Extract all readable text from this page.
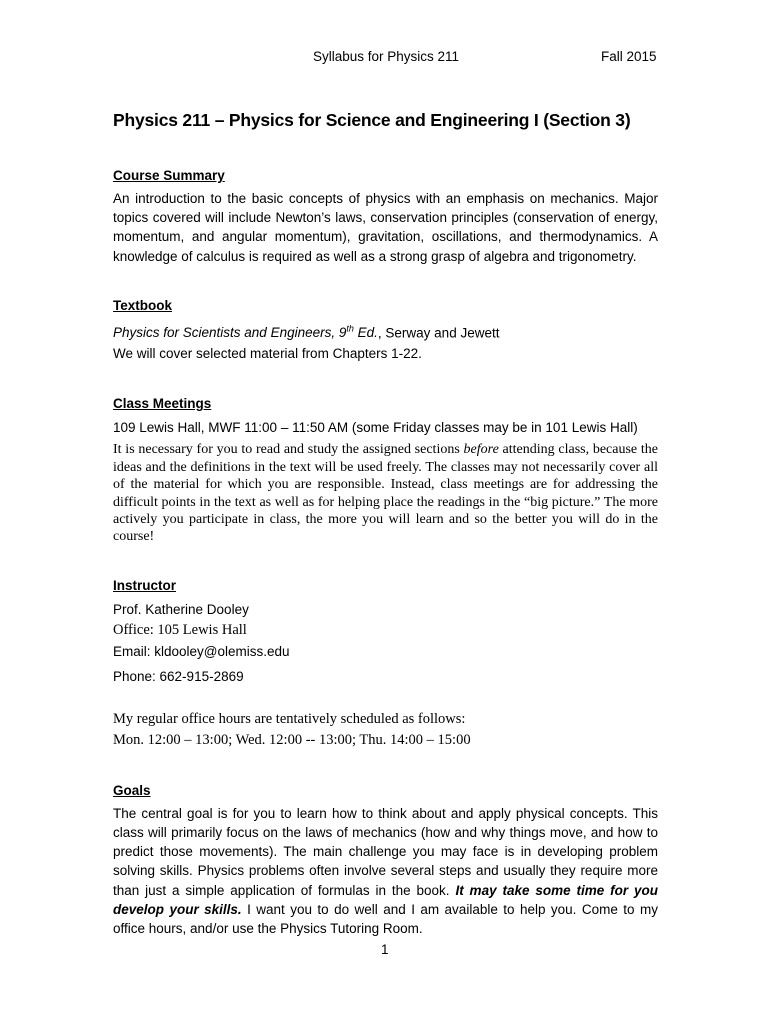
Syllabus for Physics 211	Fall 2015
Physics 211 – Physics for Science and Engineering I (Section 3)
Course Summary

An introduction to the basic concepts of physics with an emphasis on mechanics. Major topics covered will include Newton’s laws, conservation principles (conservation of energy, momentum, and angular momentum), gravitation, oscillations, and thermodynamics. A knowledge of calculus is required as well as a strong grasp of algebra and trigonometry.

Textbook

Physics for Scientists and Engineers, 9th Ed., Serway and Jewett

We will cover selected material from Chapters 1-22.

Class Meetings

109 Lewis Hall, MWF 11:00 – 11:50 AM (some Friday classes may be in 101 Lewis Hall)

It is necessary for you to read and study the assigned sections before attending class, because the ideas and the definitions in the text will be used freely. The classes may not necessarily cover all of the material for which you are responsible. Instead, class meetings are for addressing the difficult points in the text as well as for helping place the readings in the “big picture.” The more actively you participate in class, the more you will learn and so the better you will do in the course!

Instructor

Prof. Katherine Dooley

Office: 105 Lewis Hall

Email: kldooley@olemiss.edu

Phone: 662-915-2869

My regular office hours are tentatively scheduled as follows:

Mon. 12:00 – 13:00; Wed. 12:00 -- 13:00; Thu. 14:00 – 15:00

Goals

The central goal is for you to learn how to think about and apply physical concepts. This class will primarily focus on the laws of mechanics (how and why things move, and how to predict those movements). The main challenge you may face is in developing problem solving skills. Physics problems often involve several steps and usually they require more than just a simple application of formulas in the book. It may take some time for you develop your skills. I want you to do well and I am available to help you. Come to my office hours, and/or use the Physics Tutoring Room.

1
